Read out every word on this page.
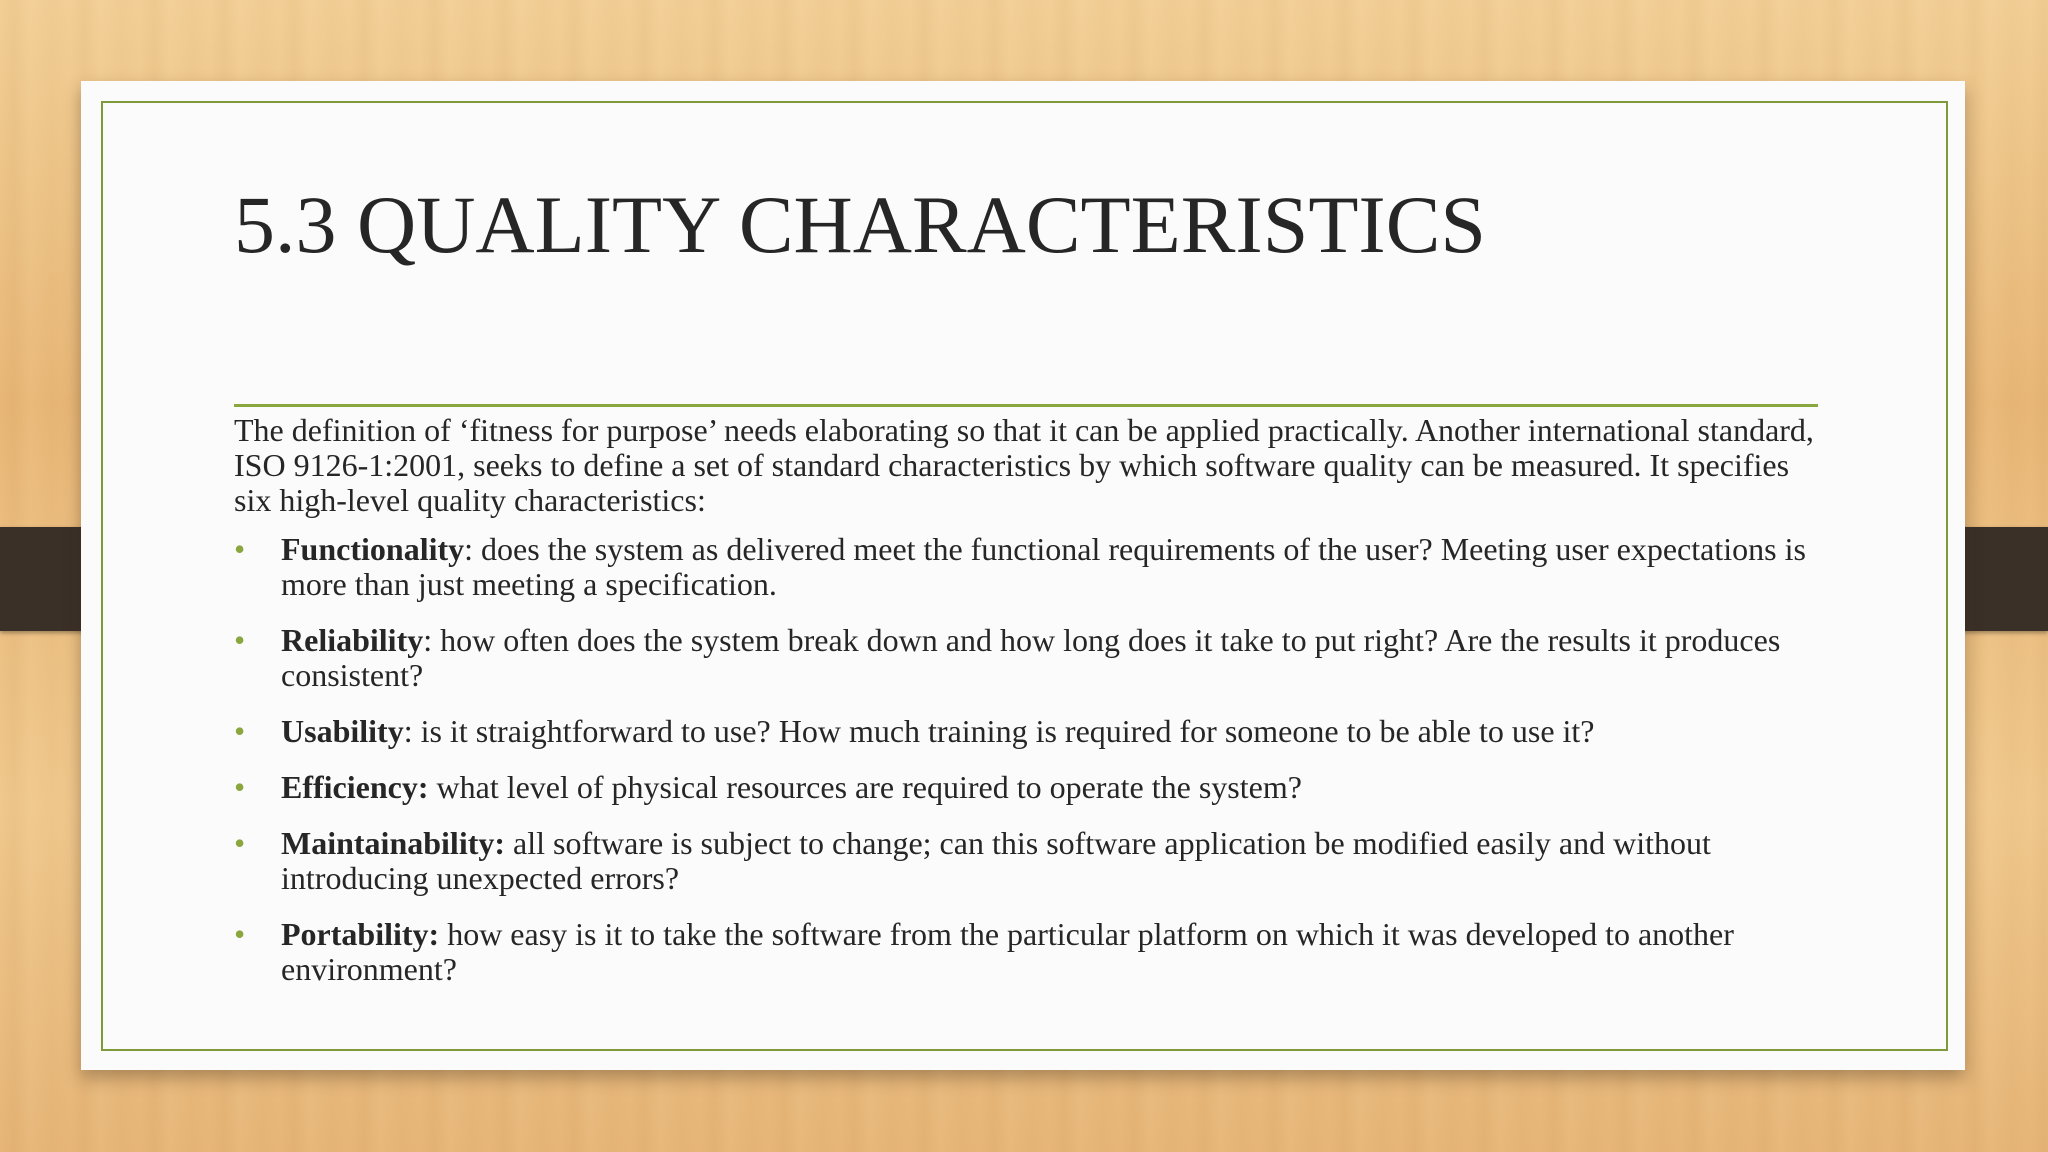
5.3 QUALITY CHARACTERISTICS

The definition of ‘fitness for purpose’ needs elaborating so that it can be applied practically. Another international standard, ISO 9126-1:2001, seeks to define a set of standard characteristics by which software quality can be measured. It specifies six high-level quality characteristics:

• Functionality: does the system as delivered meet the functional requirements of the user? Meeting user expectations is more than just meeting a specification.
• Reliability: how often does the system break down and how long does it take to put right? Are the results it produces consistent?
• Usability: is it straightforward to use? How much training is required for someone to be able to use it?
• Efficiency: what level of physical resources are required to operate the system?
• Maintainability: all software is subject to change; can this software application be modified easily and without introducing unexpected errors?
• Portability: how easy is it to take the software from the particular platform on which it was developed to another environment?
